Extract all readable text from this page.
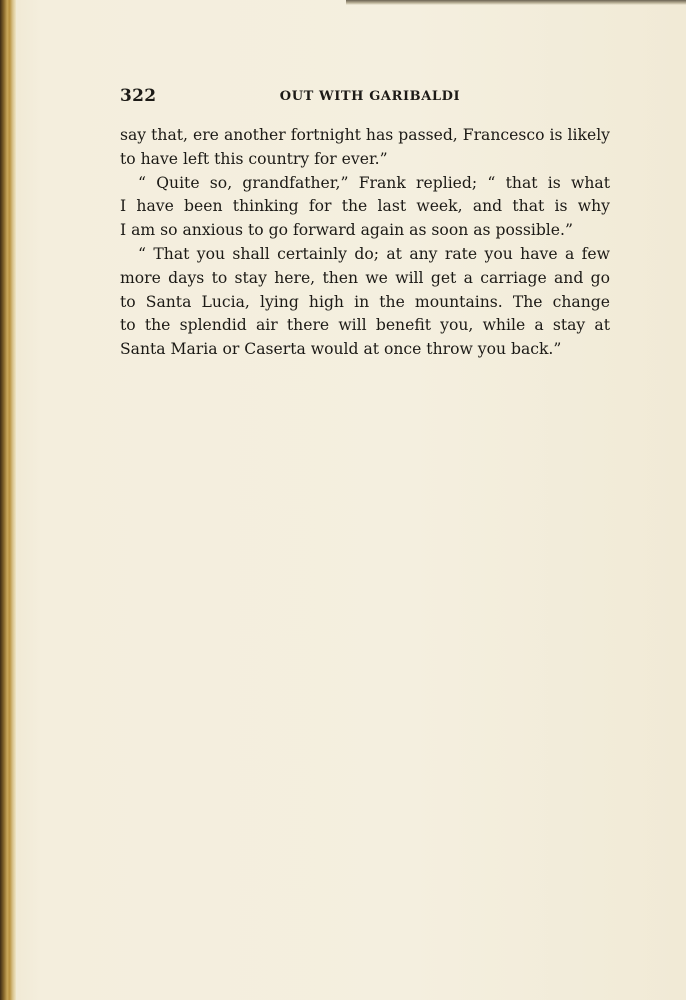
322	OUT WITH GARIBALDI
say that, ere another fortnight has passed, Francesco is likely
to have left this country for ever.”
“ Quite so, grandfather,” Frank replied; “ that is what
I have been thinking for the last week, and that is why
I am so anxious to go forward again as soon as possible.”
“ That you shall certainly do; at any rate you have a few
more days to stay here, then we will get a carriage and go
to Santa Lucia, lying high in the mountains. The change
to the splendid air there will benefit you, while a stay at
Santa Maria or Caserta would at once throw you back.”
